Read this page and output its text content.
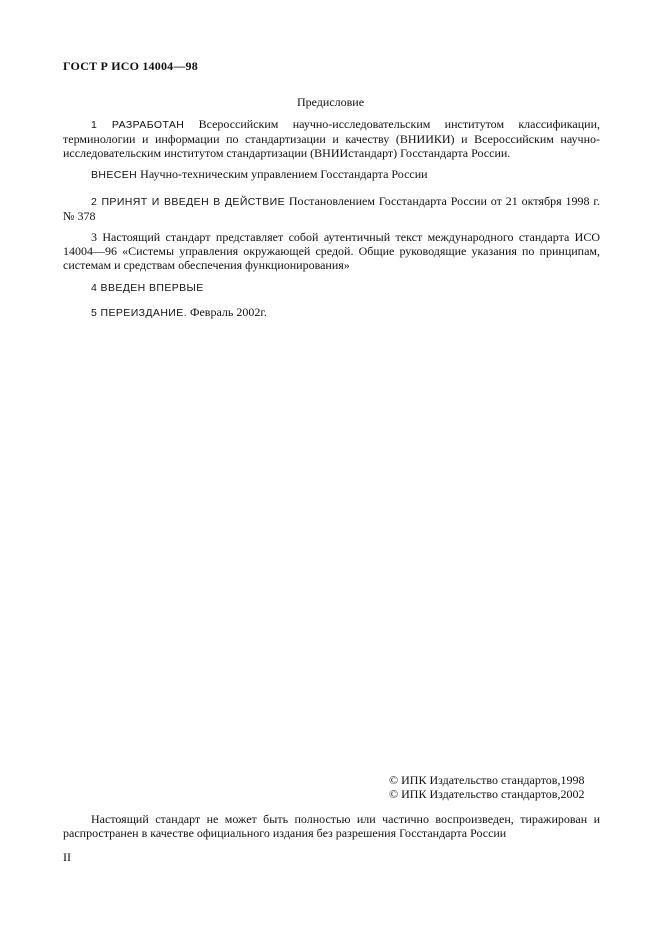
ГОСТ Р ИСО 14004—98
Предисловие
1 РАЗРАБОТАН Всероссийским научно-исследовательским институтом классификации, терминологии и информации по стандартизации и качеству (ВНИИКИ) и Всероссийским научно-исследовательским институтом стандартизации (ВНИИстандарт) Госстандарта России.
ВНЕСЕН Научно-техническим управлением Госстандарта России
2 ПРИНЯТ И ВВЕДЕН В ДЕЙСТВИЕ Постановлением Госстандарта России от 21 октября 1998 г. № 378
3 Настоящий стандарт представляет собой аутентичный текст международного стандарта ИСО 14004—96 «Системы управления окружающей средой. Общие руководящие указания по принципам, системам и средствам обеспечения функционирования»
4 ВВЕДЕН ВПЕРВЫЕ
5 ПЕРЕИЗДАНИЕ. Февраль 2002г.
© ИПК Издательство стандартов,1998
© ИПК Издательство стандартов,2002
Настоящий стандарт не может быть полностью или частично воспроизведен, тиражирован и распространен в качестве официального издания без разрешения Госстандарта России
II
